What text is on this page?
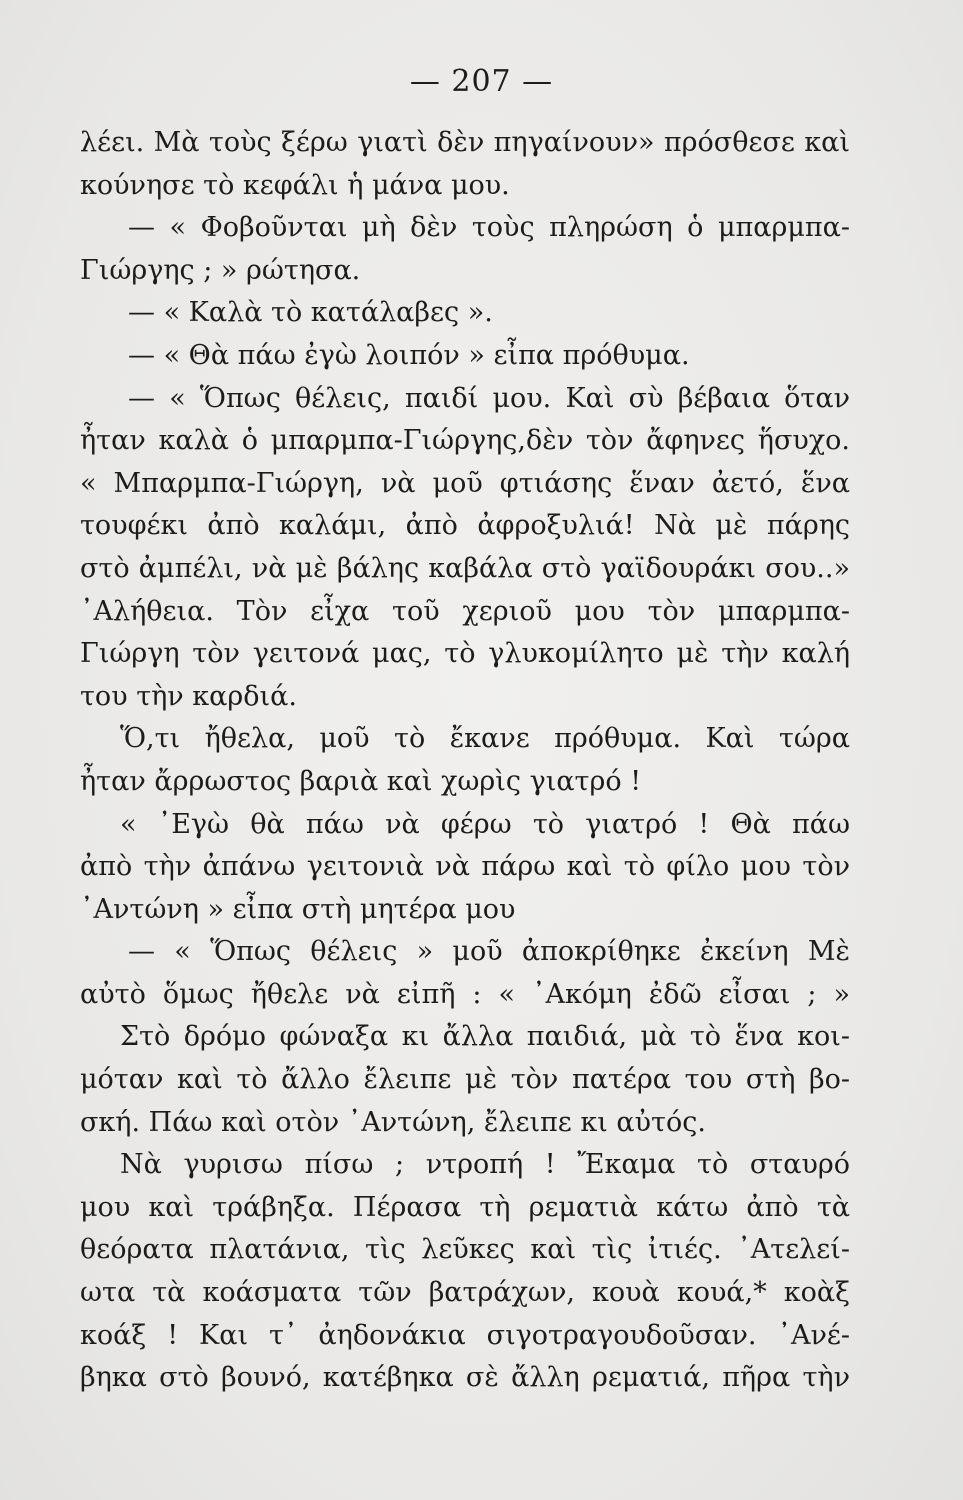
— 207 —
λέει. Μὰ τοὺς ξέρω γιατὶ δὲν πηγαίνουν» πρόσθεσε καὶ
κούνησε τὸ κεφάλι ἡ μάνα μου.
— « Φοβοῦνται μὴ δὲν τοὺς πληρώση ὁ μπαρμπα-
Γιώργης ; » ρώτησα.
— « Καλὰ τὸ κατάλαβες ».
— « Θὰ πάω ἐγὼ λοιπόν » εἶπα πρόθυμα.
— « Ὅπως θέλεις, παιδί μου. Καὶ σὺ βέβαια ὅταν
ἦταν καλὰ ὁ μπαρμπα-Γιώργης,δὲν τὸν ἄφηνες ἥσυχο.
« Μπαρμπα-Γιώργη, νὰ μοῦ φτιάσης ἕναν ἀετό, ἕνα
τουφέκι ἀπὸ καλάμι, ἀπὸ ἀφροξυλιά! Νὰ μὲ πάρης
στὸ ἀμπέλι, νὰ μὲ βάλης καβάλα στὸ γαϊδουράκι σου..»
᾿Αλήθεια. Τὸν εἶχα τοῦ χεριοῦ μου τὸν μπαρμπα-
Γιώργη τὸν γειτονά μας, τὸ γλυκομίλητο μὲ τὴν καλή
του τὴν καρδιά.
Ὅ,τι ἤθελα, μοῦ τὸ ἔκανε πρόθυμα. Καὶ τώρα
ἦταν ἄρρωστος βαριὰ καὶ χωρὶς γιατρό !
« ᾿Εγὼ θὰ πάω νὰ φέρω τὸ γιατρό ! Θὰ πάω
ἀπὸ τὴν ἀπάνω γειτονιὰ νὰ πάρω καὶ τὸ φίλο μου τὸν
᾿Αντώνη » εἶπα στὴ μητέρα μου
— « Ὅπως θέλεις » μοῦ ἀποκρίθηκε ἐκείνη Μὲ
αὐτὸ ὅμως ἤθελε νὰ εἰπῆ : « ᾿Ακόμη ἐδῶ εἶσαι ; »
Στὸ δρόμο φώναξα κι ἄλλα παιδιά, μὰ τὸ ἕνα κοι-
μόταν καὶ τὸ ἄλλο ἔλειπε μὲ τὸν πατέρα του στὴ βο-
σκή. Πάω καὶ οτὸν ᾿Αντώνη, ἔλειπε κι αὐτός.
Νὰ γυρισω πίσω ; ντροπή ! Ἔκαμα τὸ σταυρό
μου καὶ τράβηξα. Πέρασα τὴ ρεματιὰ κάτω ἀπὸ τὰ
θεόρατα πλατάνια, τὶς λεῦκες καὶ τὶς ἰτιές. ᾿Ατελεί-
ωτα τὰ κοάσματα τῶν βατράχων, κουὰ κουά,* κοὰξ
κοάξ ! Και τ᾿ ἀηδονάκια σιγοτραγουδοῦσαν. ᾿Ανέ-
βηκα στὸ βουνό, κατέβηκα σὲ ἄλλη ρεματιά, πῆρα τὴν
